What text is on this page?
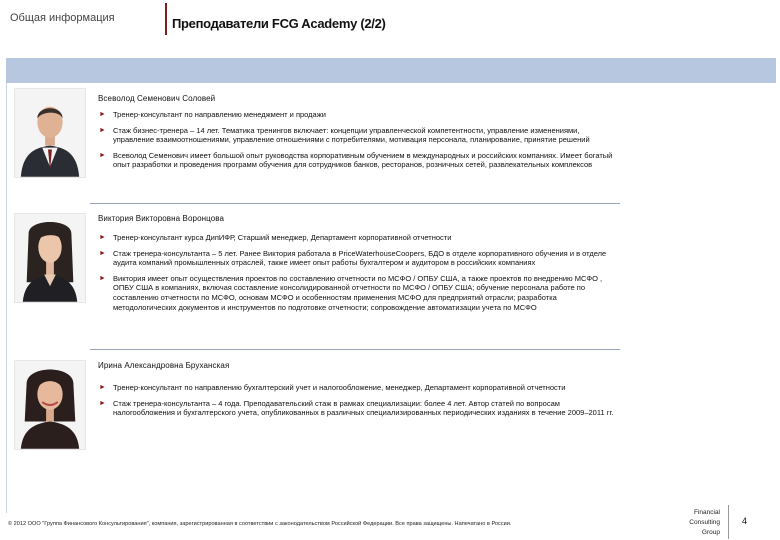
Общая информация	Преподаватели FCG Academy (2/2)
Всеволод Семенович Соловей
► Тренер-консультант по направлению менеджмент и продажи
► Стаж бизнес-тренера – 14 лет. Тематика тренингов включает: концепции управленческой компетентности, управление изменениями, управление взаимоотношениями, управление отношениями с потребителями, мотивация персонала, планирование, принятие решений
► Всеволод Семенович имеет большой опыт руководства корпоративным обучением в международных и российских компаниях. Имеет богатый опыт разработки и проведения программ обучения для сотрудников банков, ресторанов, розничных сетей, развлекательных комплексов
Виктория Викторовна Воронцова
► Тренер-консультант курса ДипИФР, Старший менеджер, Департамент корпоративной отчетности
► Стаж тренера-консультанта – 5 лет. Ранее Виктория работала в PriceWaterhouseCoopers, БДО в отделе корпоративного обучения и в отделе аудита компаний промышленных отраслей, также имеет опыт работы бухгалтером и аудитором в российских компаниях
► Виктория имеет опыт осуществления проектов по составлению отчетности по МСФО / ОПБУ США, а также проектов по внедрению МСФО , ОПБУ США в компаниях, включая составление консолидированной отчетности по МСФО / ОПБУ США; обучение персонала работе по составлению отчетности по МСФО, основам МСФО и особенностям применения МСФО для предприятий отрасли; разработка методологических документов и инструментов по подготовке отчетности; сопровождение автоматизации учета по МСФО
Ирина Александровна Бруханская
► Тренер-консультант по направлению бухгалтерский учет и налогообложение, менеджер, Департамент корпоративной отчетности
► Стаж тренера-консультанта – 4 года. Преподавательский стаж в рамках специализации: более 4 лет. Автор статей по вопросам налогообложения и бухгалтерского учета, опубликованных в различных специализированных периодических изданиях в течение 2009–2011 гг.
© 2012 ООО "Группа Финансового Консультирования", компания, зарегистрированная в соответствии с законодательством Российской Федерации. Все права защищены. Напечатано в России.
Financial
Consulting
Group
4
